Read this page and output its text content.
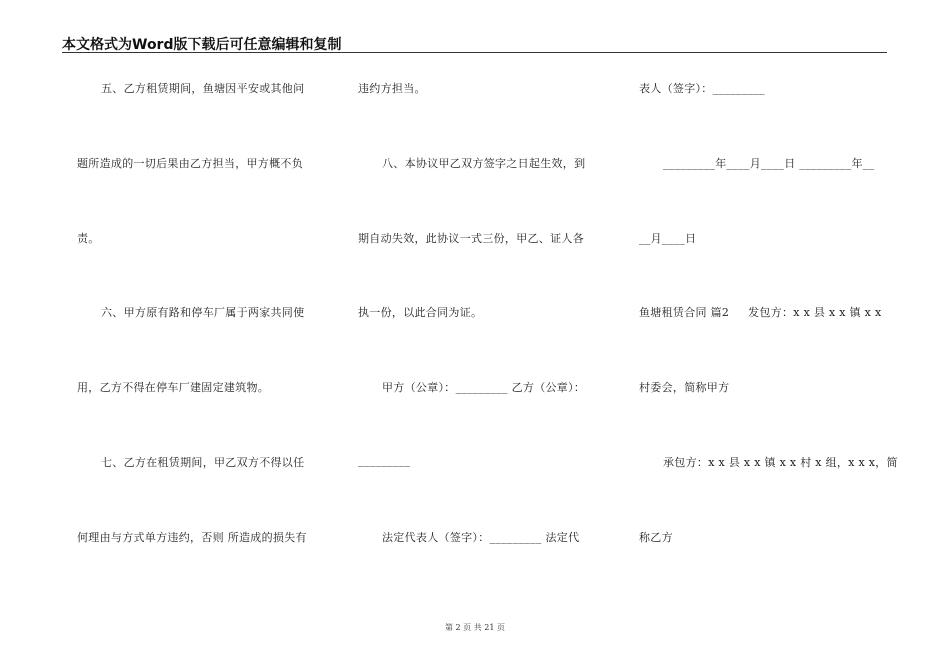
本文格式为Word版下载后可任意编辑和复制
五、乙方租赁期间，鱼塘因平安或其他问
题所造成的一切后果由乙方担当，甲方概不负
责。
六、甲方原有路和停车厂属于两家共同使
用，乙方不得在停车厂建固定建筑物。
七、乙方在租赁期间，甲乙双方不得以任
何理由与方式单方违约，否则 所造成的损失有
违约方担当。
八、本协议甲乙双方签字之日起生效，到
期自动失效，此协议一式三份，甲乙、证人各
执一份，以此合同为证。
甲方（公章）：_________ 乙方（公章）：
_________
法定代表人（签字）：_________ 法定代
表人（签字）：_________
_________年____月____日 _________年__
__月____日
鱼塘租赁合同 篇2 　 发包方：x x 县 x x 镇 x x
村委会，简称甲方
承包方：x x 县 x x 镇 x x 村 x 组，x x x，简
称乙方
第 2 页 共 21 页
